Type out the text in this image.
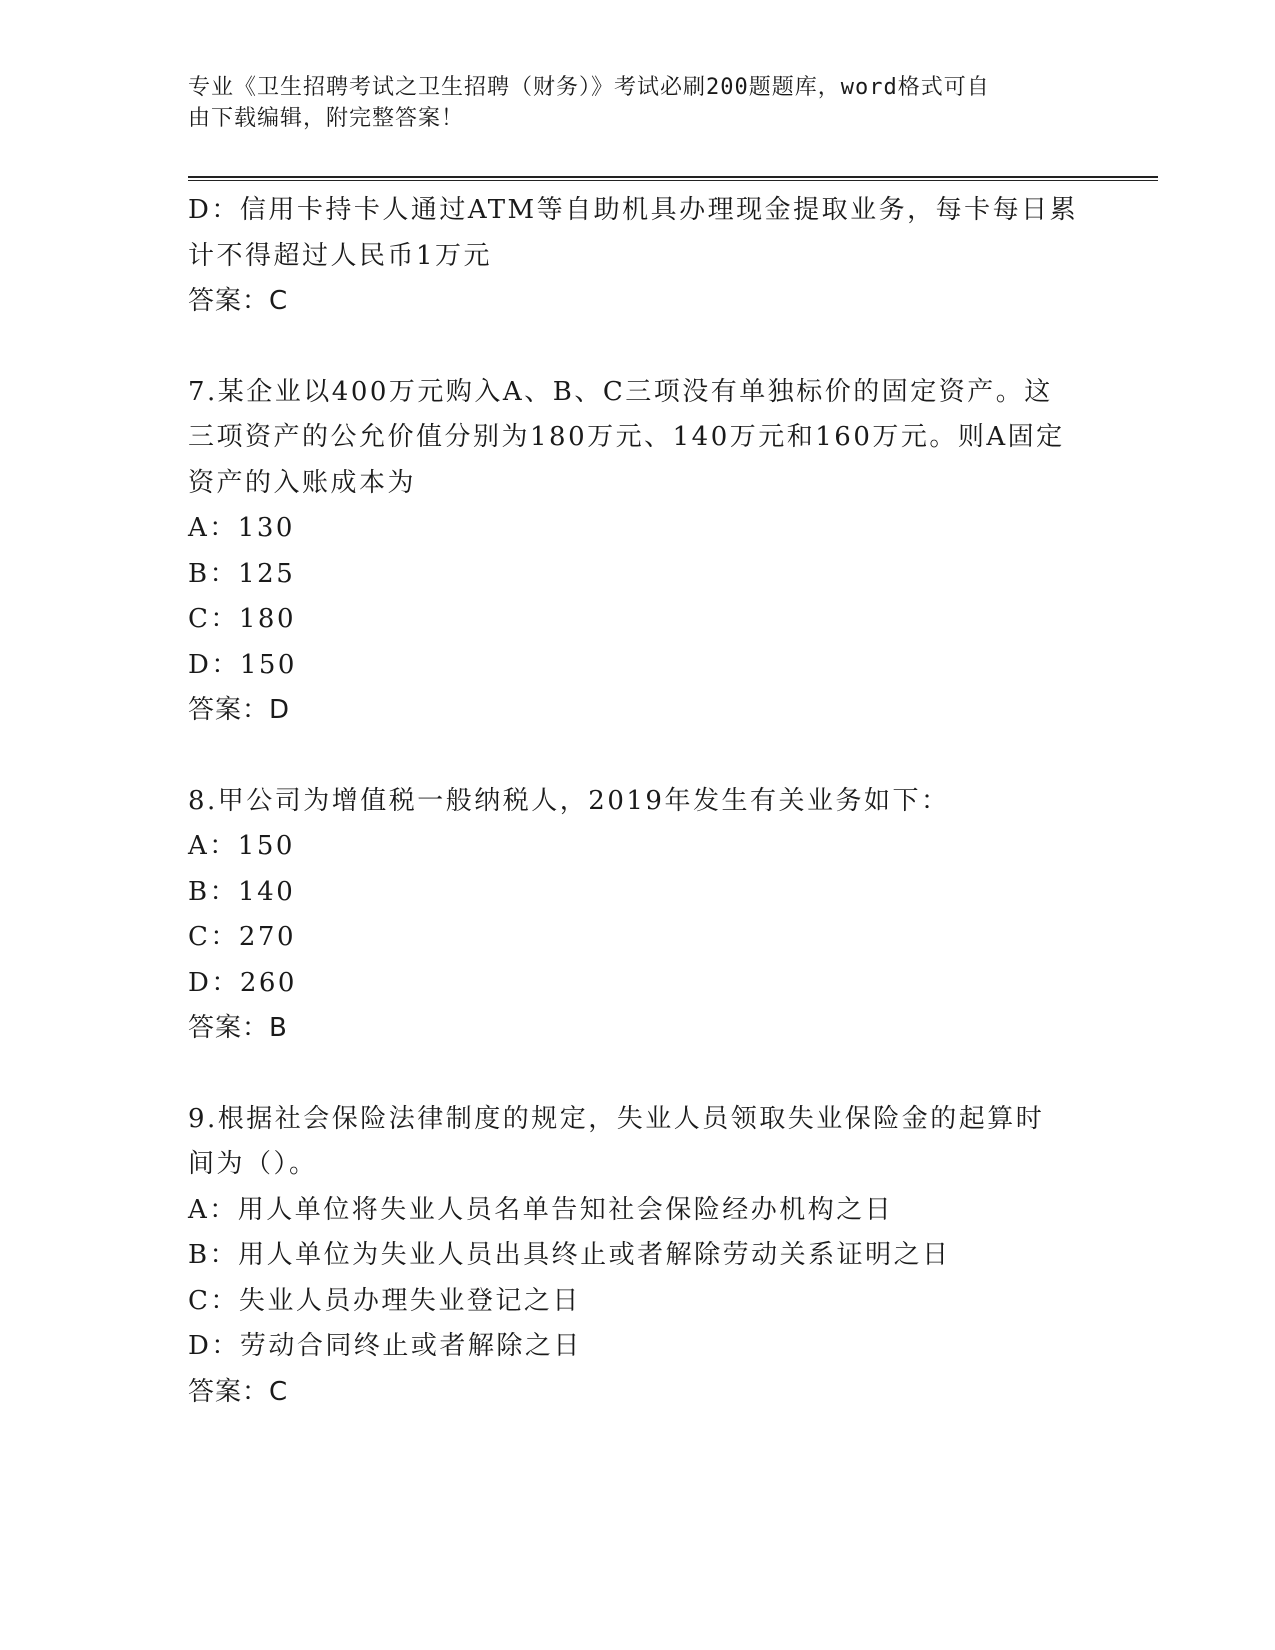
专业《卫生招聘考试之卫生招聘（财务）》考试必刷200题题库，word格式可自
由下载编辑，附完整答案！
D：信用卡持卡人通过ATM等自助机具办理现金提取业务，每卡每日累
计不得超过人民币1万元
答案：C
7.某企业以400万元购入A、B、C三项没有单独标价的固定资产。这
三项资产的公允价值分别为180万元、140万元和160万元。则A固定
资产的入账成本为
A：130
B：125
C：180
D：150
答案：D
8.甲公司为增值税一般纳税人，2019年发生有关业务如下：
A：150
B：140
C：270
D：260
答案：B
9.根据社会保险法律制度的规定，失业人员领取失业保险金的起算时
间为（）。
A：用人单位将失业人员名单告知社会保险经办机构之日
B：用人单位为失业人员出具终止或者解除劳动关系证明之日
C：失业人员办理失业登记之日
D：劳动合同终止或者解除之日
答案：C
